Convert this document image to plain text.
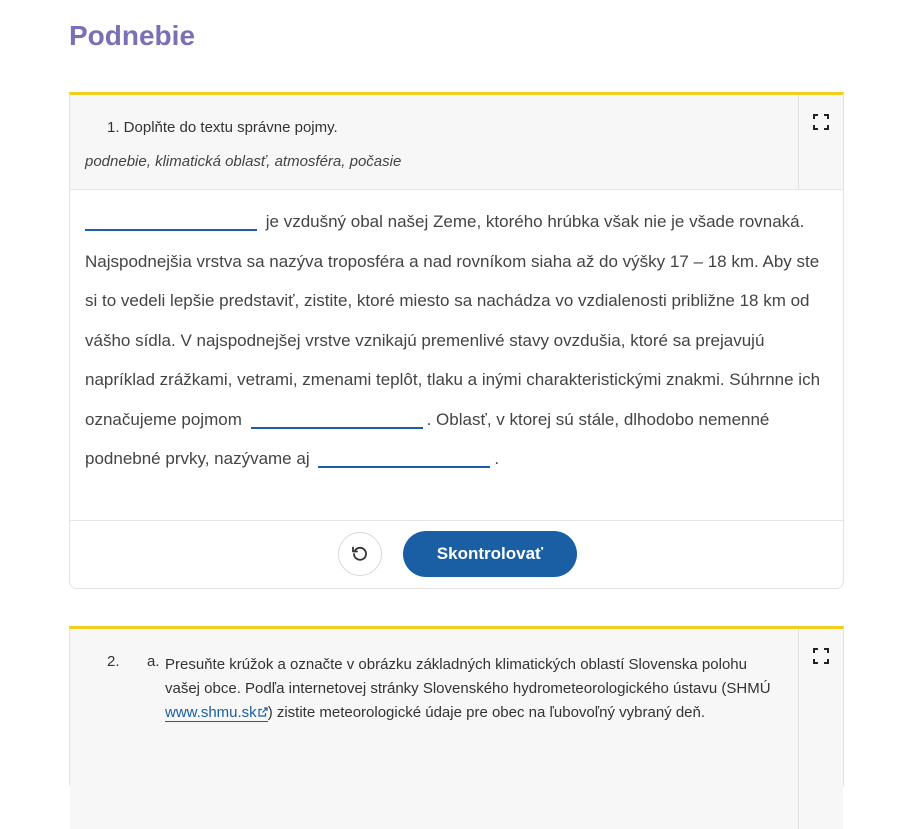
Podnebie
1. Doplňte do textu správne pojmy.
podnebie, klimatická oblasť, atmosféra, počasie
je vzdušný obal našej Zeme, ktorého hrúbka však nie je všade rovnaká. Najspodnejšia vrstva sa nazýva troposféra a nad rovníkom siaha až do výšky 17 – 18 km. Aby ste si to vedeli lepšie predstaviť, zistite, ktoré miesto sa nachádza vo vzdialenosti približne 18 km od vášho sídla. V najspodnejšej vrstve vznikajú premenlivé stavy ovzdušia, ktoré sa prejavujú napríklad zrážkami, vetrami, zmenami teplôt, tlaku a inými charakteristickými znakmi. Súhrnne ich označujeme pojmom	. Oblasť, v ktorej sú stále, dlhodobo nemenné podnebné prvky, nazývame aj	.
Skontrolovať
2. a. Presuňte krúžok a označte v obrázku základných klimatických oblastí Slovenska polohu vašej obce. Podľa internetovej stránky Slovenského hydrometeorologického ústavu (SHMÚ www.shmu.sk ) zistite meteorologické údaje pre obec na ľubovoľný vybraný deň.
